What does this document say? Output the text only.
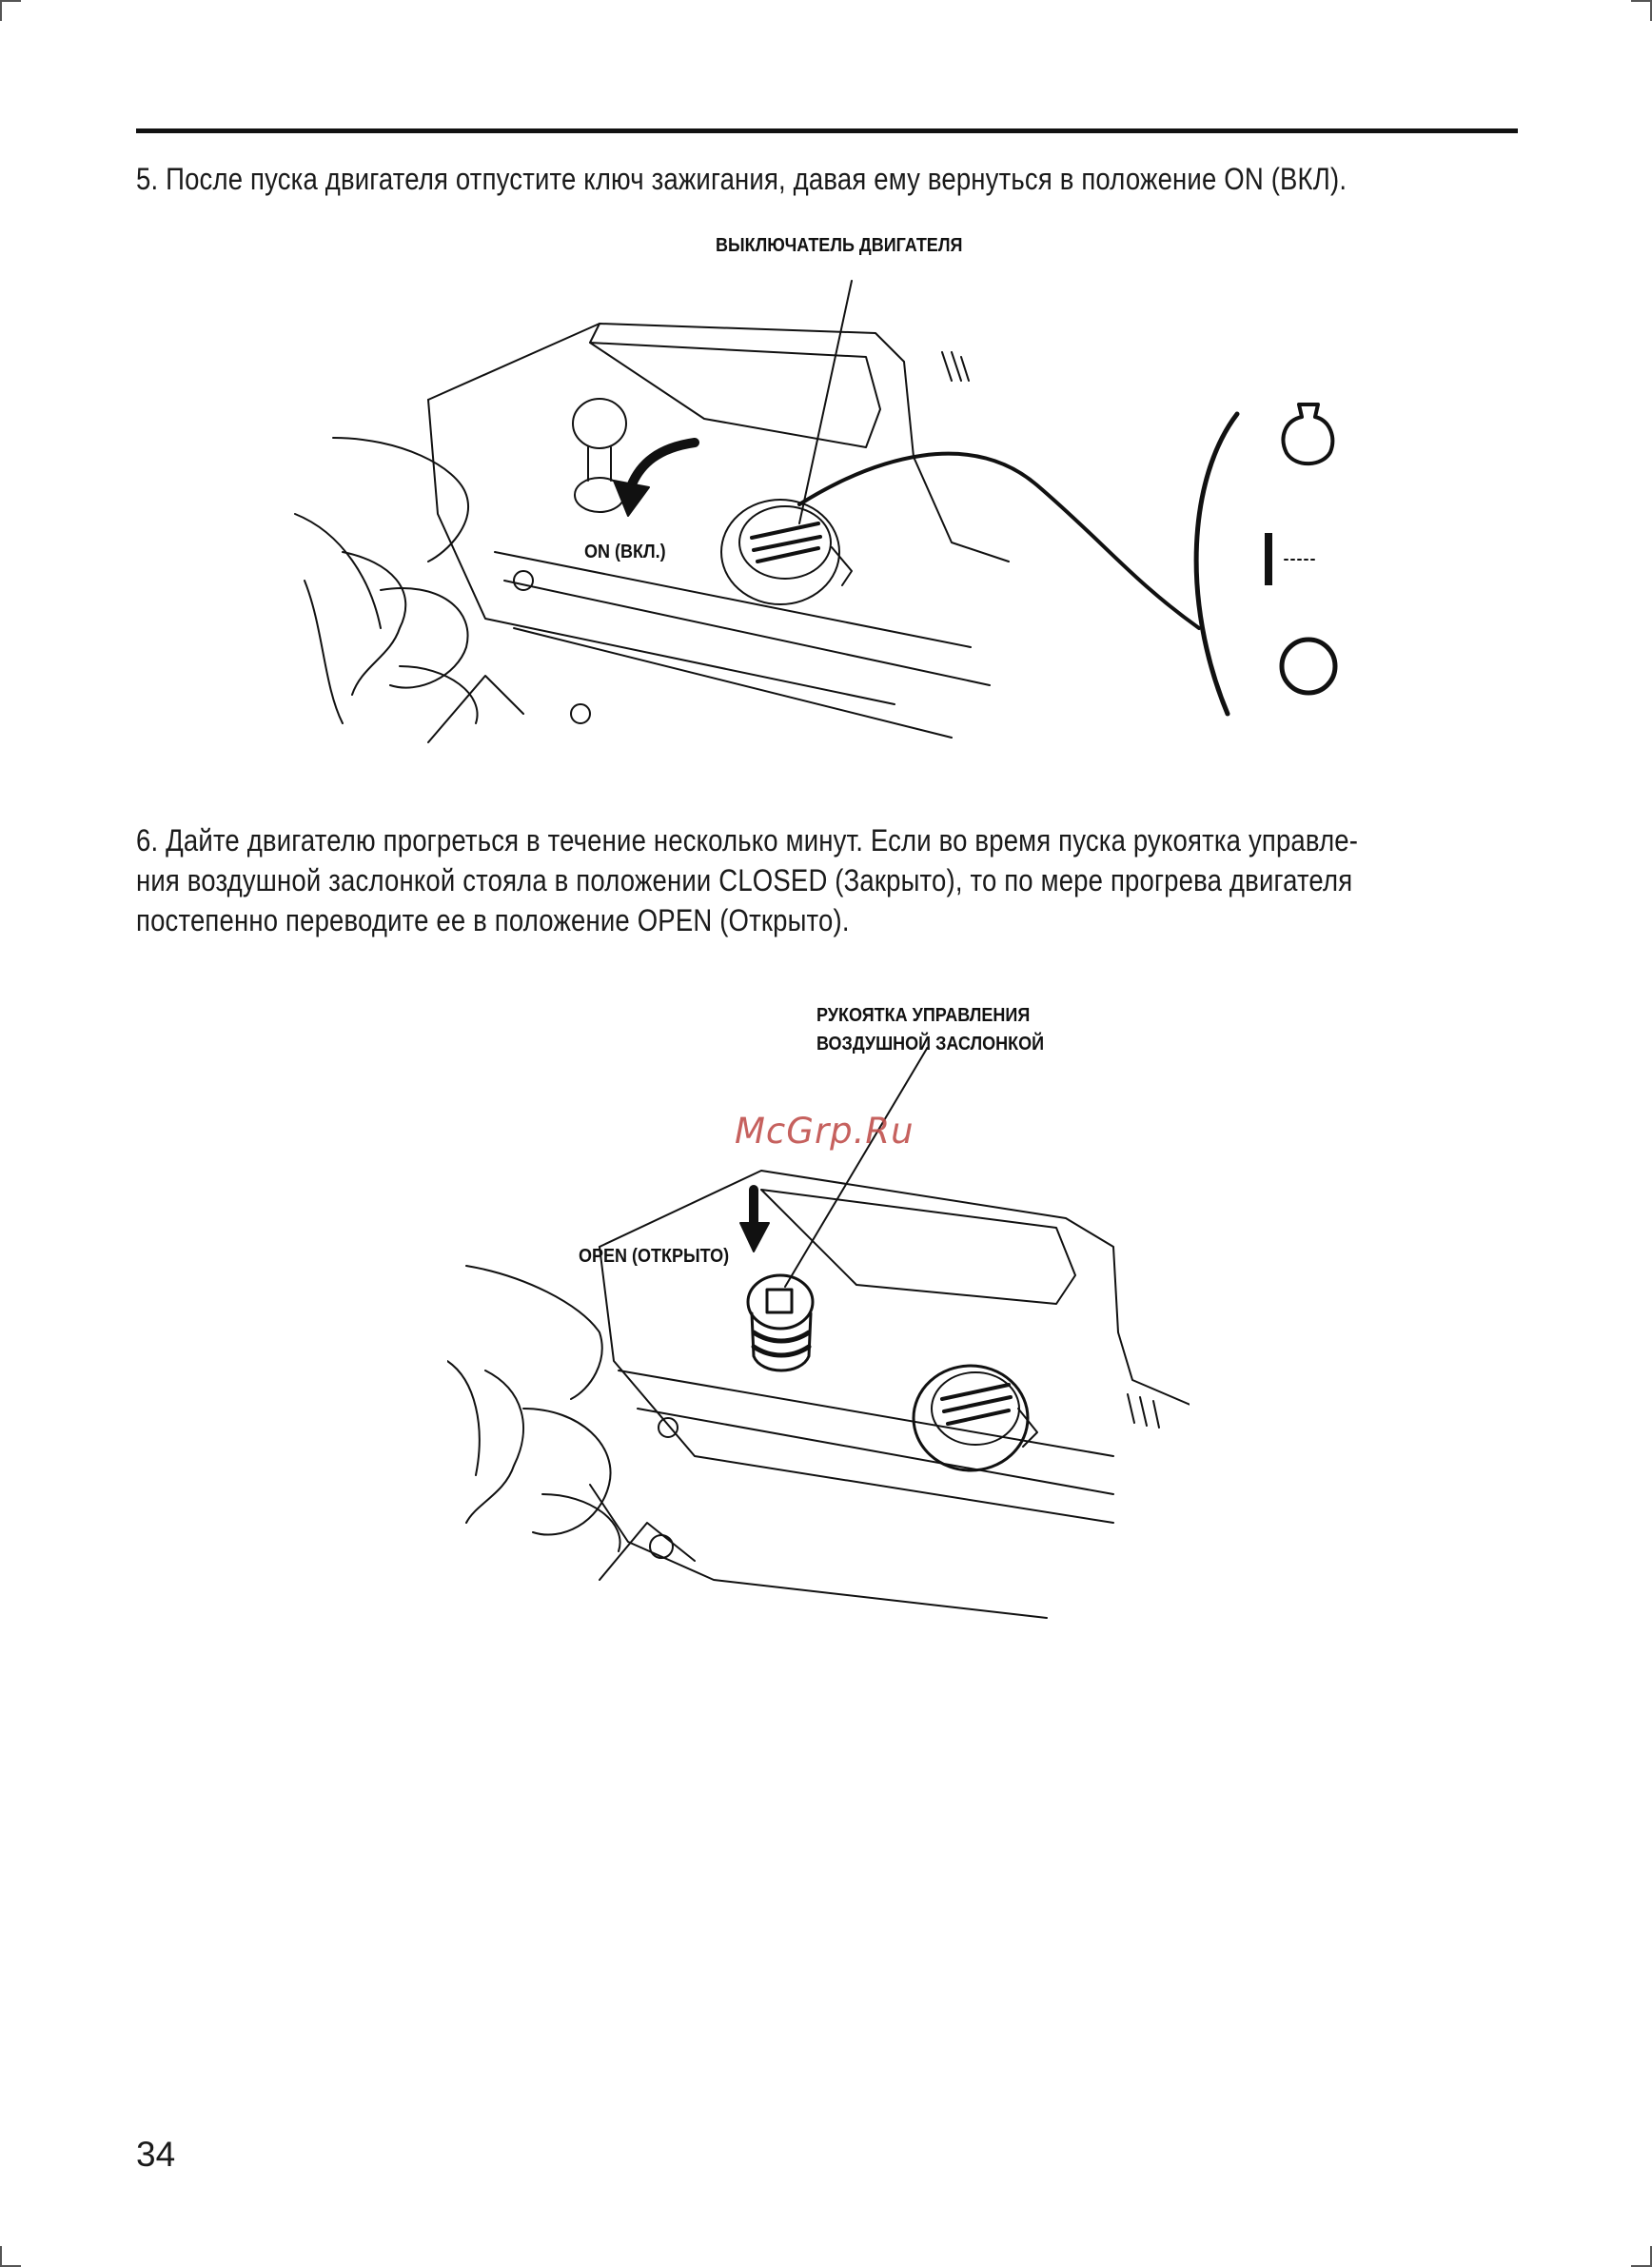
5. После пуска двигателя отпустите ключ зажигания, давая ему вернуться в положение ON (ВКЛ).
ВЫКЛЮЧАТЕЛЬ ДВИГАТЕЛЯ
ON (ВКЛ.)
6. Дайте двигателю прогреться в течение несколько минут. Если во время пуска рукоятка управле-
ния воздушной заслонкой стояла в положении CLOSED (Закрыто), то по мере прогрева двигателя
постепенно переводите ее в положение OPEN (Открыто).
РУКОЯТКА УПРАВЛЕНИЯ
ВОЗДУШНОЙ ЗАСЛОНКОЙ
OPEN (ОТКРЫТО)
McGrp.Ru
34
